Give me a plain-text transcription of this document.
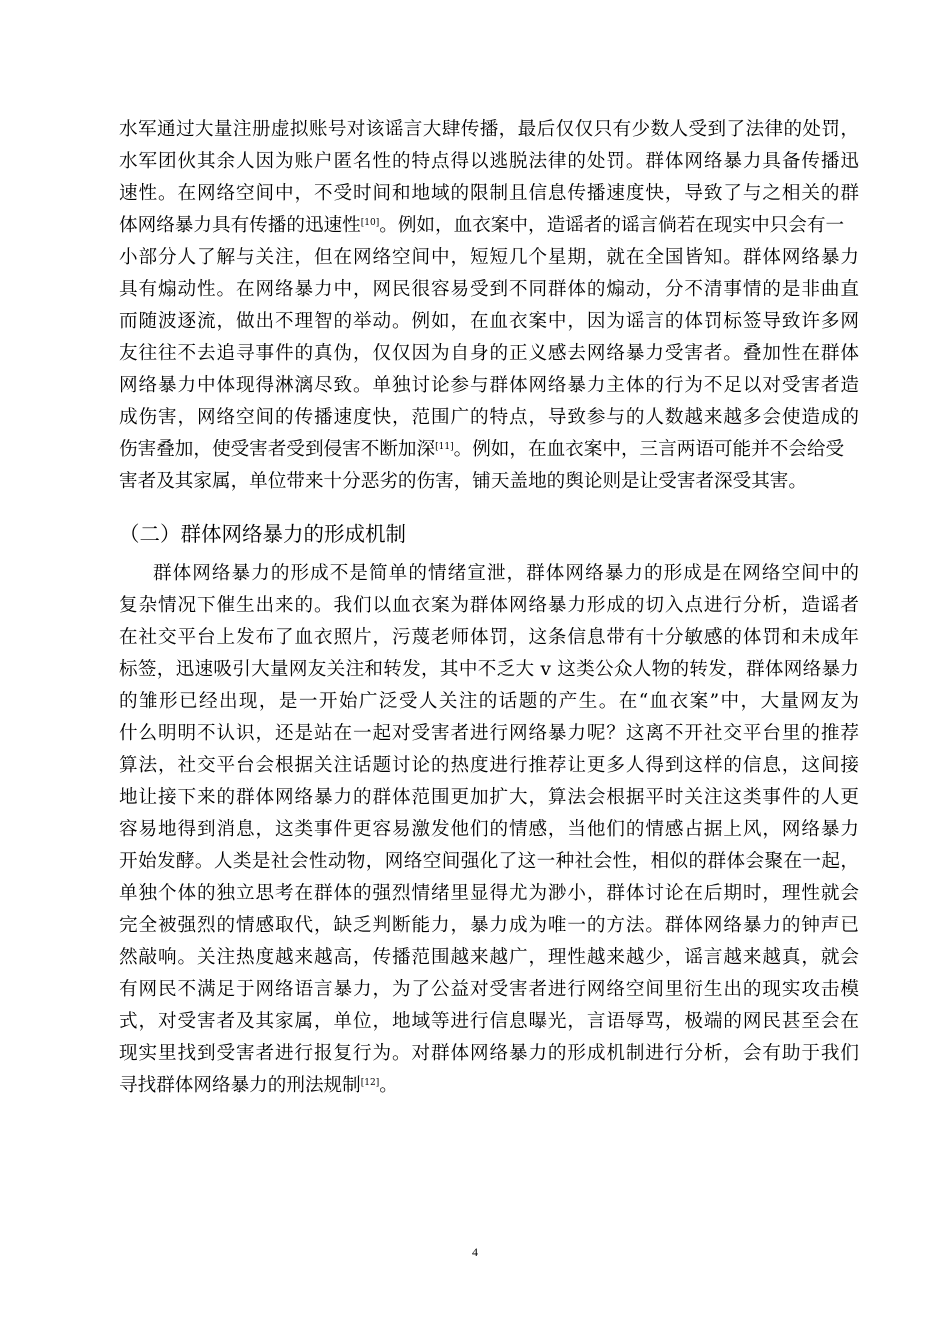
水军通过大量注册虚拟账号对该谣言大肆传播，最后仅仅只有少数人受到了法律的处罚，
水军团伙其余人因为账户匿名性的特点得以逃脱法律的处罚。群体网络暴力具备传播迅
速性。在网络空间中，不受时间和地域的限制且信息传播速度快，导致了与之相关的群
体网络暴力具有传播的迅速性[10]。例如，血衣案中，造谣者的谣言倘若在现实中只会有一
小部分人了解与关注，但在网络空间中，短短几个星期，就在全国皆知。群体网络暴力
具有煽动性。在网络暴力中，网民很容易受到不同群体的煽动，分不清事情的是非曲直
而随波逐流，做出不理智的举动。例如，在血衣案中，因为谣言的体罚标签导致许多网
友往往不去追寻事件的真伪，仅仅因为自身的正义感去网络暴力受害者。叠加性在群体
网络暴力中体现得淋漓尽致。单独讨论参与群体网络暴力主体的行为不足以对受害者造
成伤害，网络空间的传播速度快，范围广的特点，导致参与的人数越来越多会使造成的
伤害叠加，使受害者受到侵害不断加深[11]。例如，在血衣案中，三言两语可能并不会给受
害者及其家属，单位带来十分恶劣的伤害，铺天盖地的舆论则是让受害者深受其害。
（二）群体网络暴力的形成机制
群体网络暴力的形成不是简单的情绪宣泄，群体网络暴力的形成是在网络空间中的
复杂情况下催生出来的。我们以血衣案为群体网络暴力形成的切入点进行分析，造谣者
在社交平台上发布了血衣照片，污蔑老师体罚，这条信息带有十分敏感的体罚和未成年
标签，迅速吸引大量网友关注和转发，其中不乏大 v 这类公众人物的转发，群体网络暴力
的雏形已经出现，是一开始广泛受人关注的话题的产生。在“血衣案”中，大量网友为
什么明明不认识，还是站在一起对受害者进行网络暴力呢？这离不开社交平台里的推荐
算法，社交平台会根据关注话题讨论的热度进行推荐让更多人得到这样的信息，这间接
地让接下来的群体网络暴力的群体范围更加扩大，算法会根据平时关注这类事件的人更
容易地得到消息，这类事件更容易激发他们的情感，当他们的情感占据上风，网络暴力
开始发酵。人类是社会性动物，网络空间强化了这一种社会性，相似的群体会聚在一起，
单独个体的独立思考在群体的强烈情绪里显得尤为渺小，群体讨论在后期时，理性就会
完全被强烈的情感取代，缺乏判断能力，暴力成为唯一的方法。群体网络暴力的钟声已
然敲响。关注热度越来越高，传播范围越来越广，理性越来越少，谣言越来越真，就会
有网民不满足于网络语言暴力，为了公益对受害者进行网络空间里衍生出的现实攻击模
式，对受害者及其家属，单位，地域等进行信息曝光，言语辱骂，极端的网民甚至会在
现实里找到受害者进行报复行为。对群体网络暴力的形成机制进行分析，会有助于我们
寻找群体网络暴力的刑法规制[12]。
4
